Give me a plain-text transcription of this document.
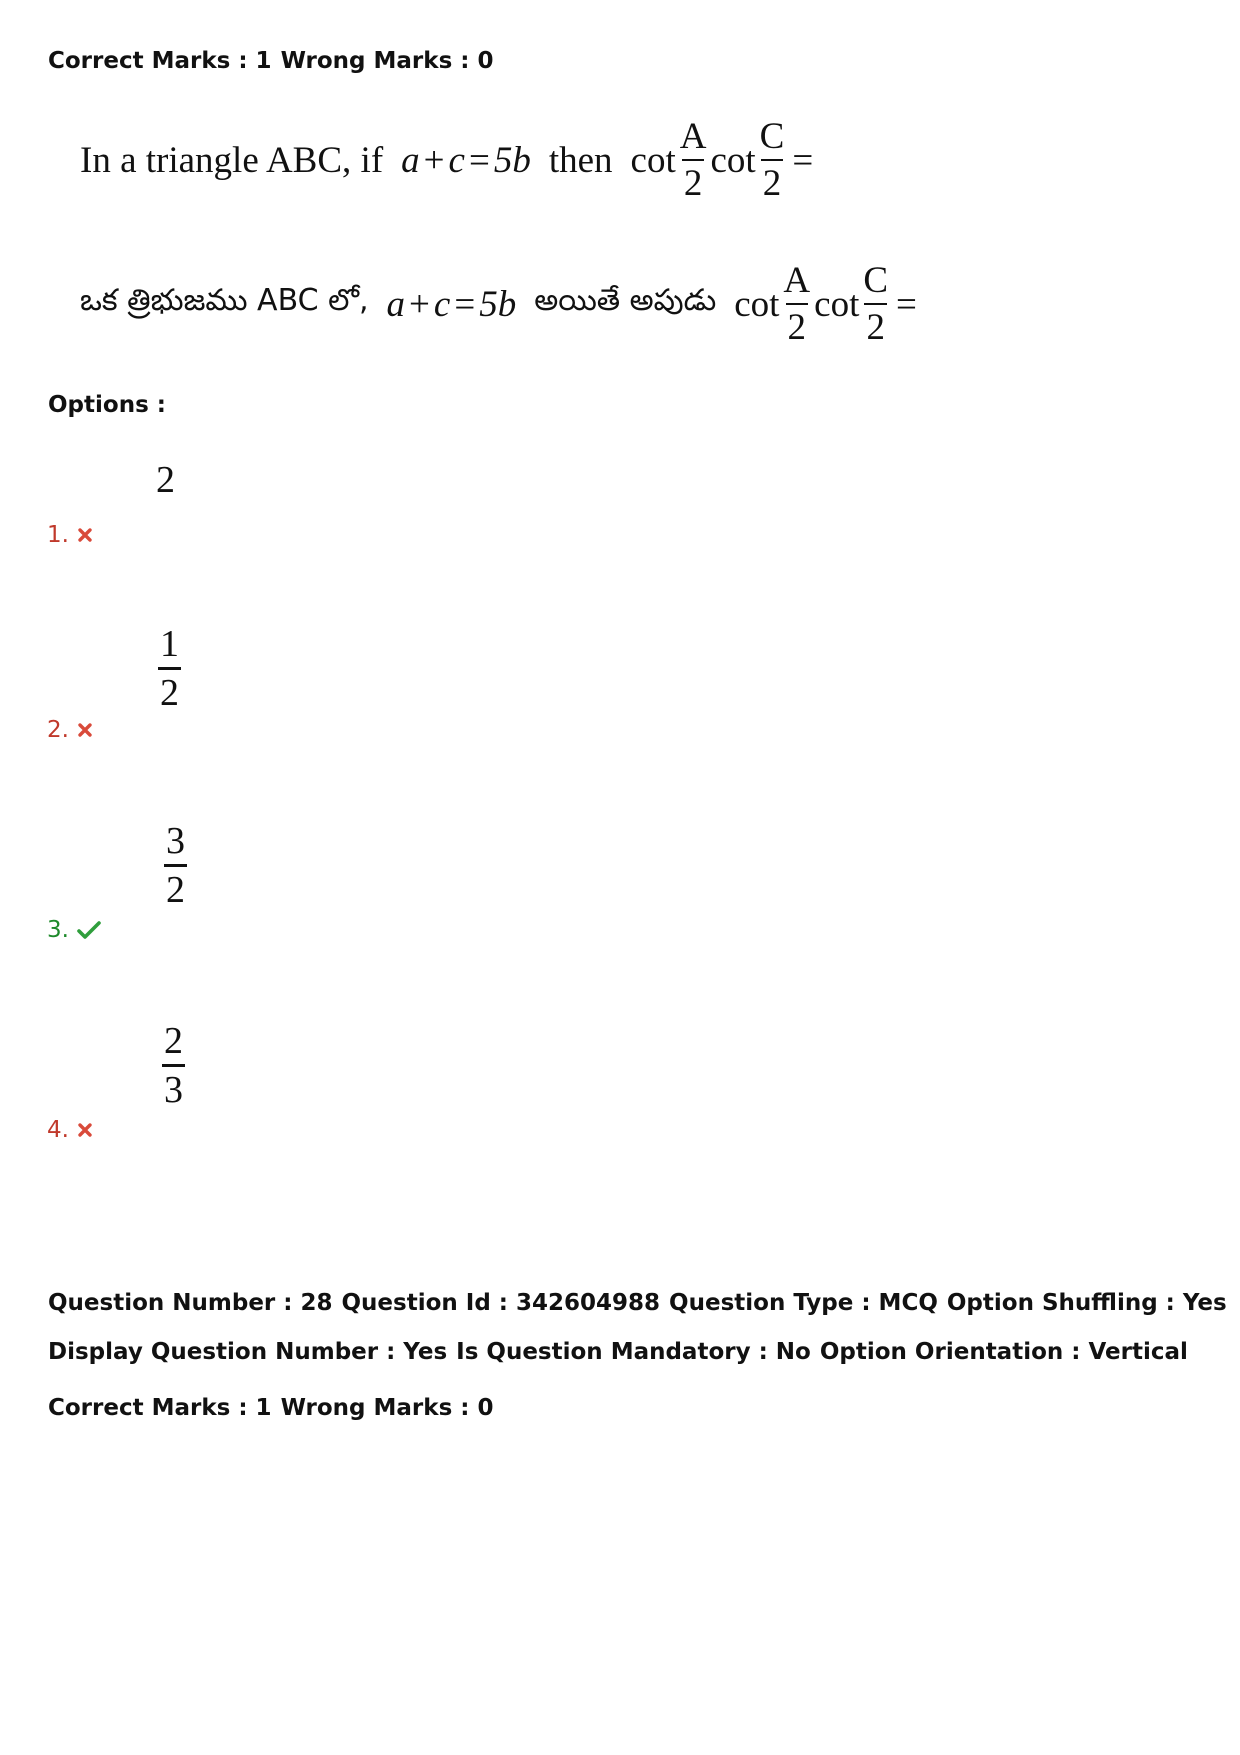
Correct Marks : 1 Wrong Marks : 0
In a triangle ABC, if a + c = 5b then $\cot \frac{A}{2}$ $\cot \frac{C}{2}$ =
ఒక త్రిభుజము ABC లో, a + c = 5b అయితే అపుడు $\cot \frac{A}{2}$ $\cot \frac{C}{2}$ =
Options :
2
1.
$\frac{1}{2}$
2.
$\frac{3}{2}$
3.
$\frac{2}{3}$
4.
Question Number : 28 Question Id : 342604988 Question Type : MCQ Option Shuffling : Yes
Display Question Number : Yes Is Question Mandatory : No Option Orientation : Vertical
Correct Marks : 1 Wrong Marks : 0
